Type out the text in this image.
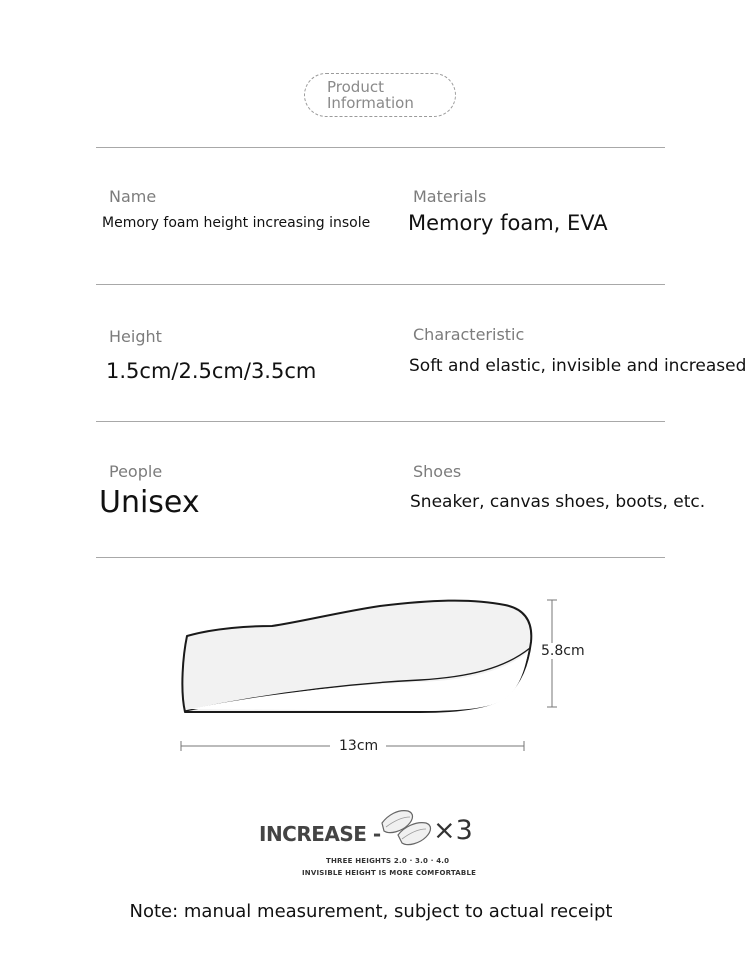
Product
Information
Name
Memory foam height increasing insole
Materials
Memory foam, EVA
Height
1.5cm/2.5cm/3.5cm
Characteristic
Soft and elastic, invisible and increased
People
Unisex
Shoes
Sneaker, canvas shoes, boots, etc.
5.8cm
13cm
INCREASE - ×3
THREE HEIGHTS 2.0 · 3.0 · 4.0
INVISIBLE HEIGHT IS MORE COMFORTABLE
Note: manual measurement, subject to actual receipt
